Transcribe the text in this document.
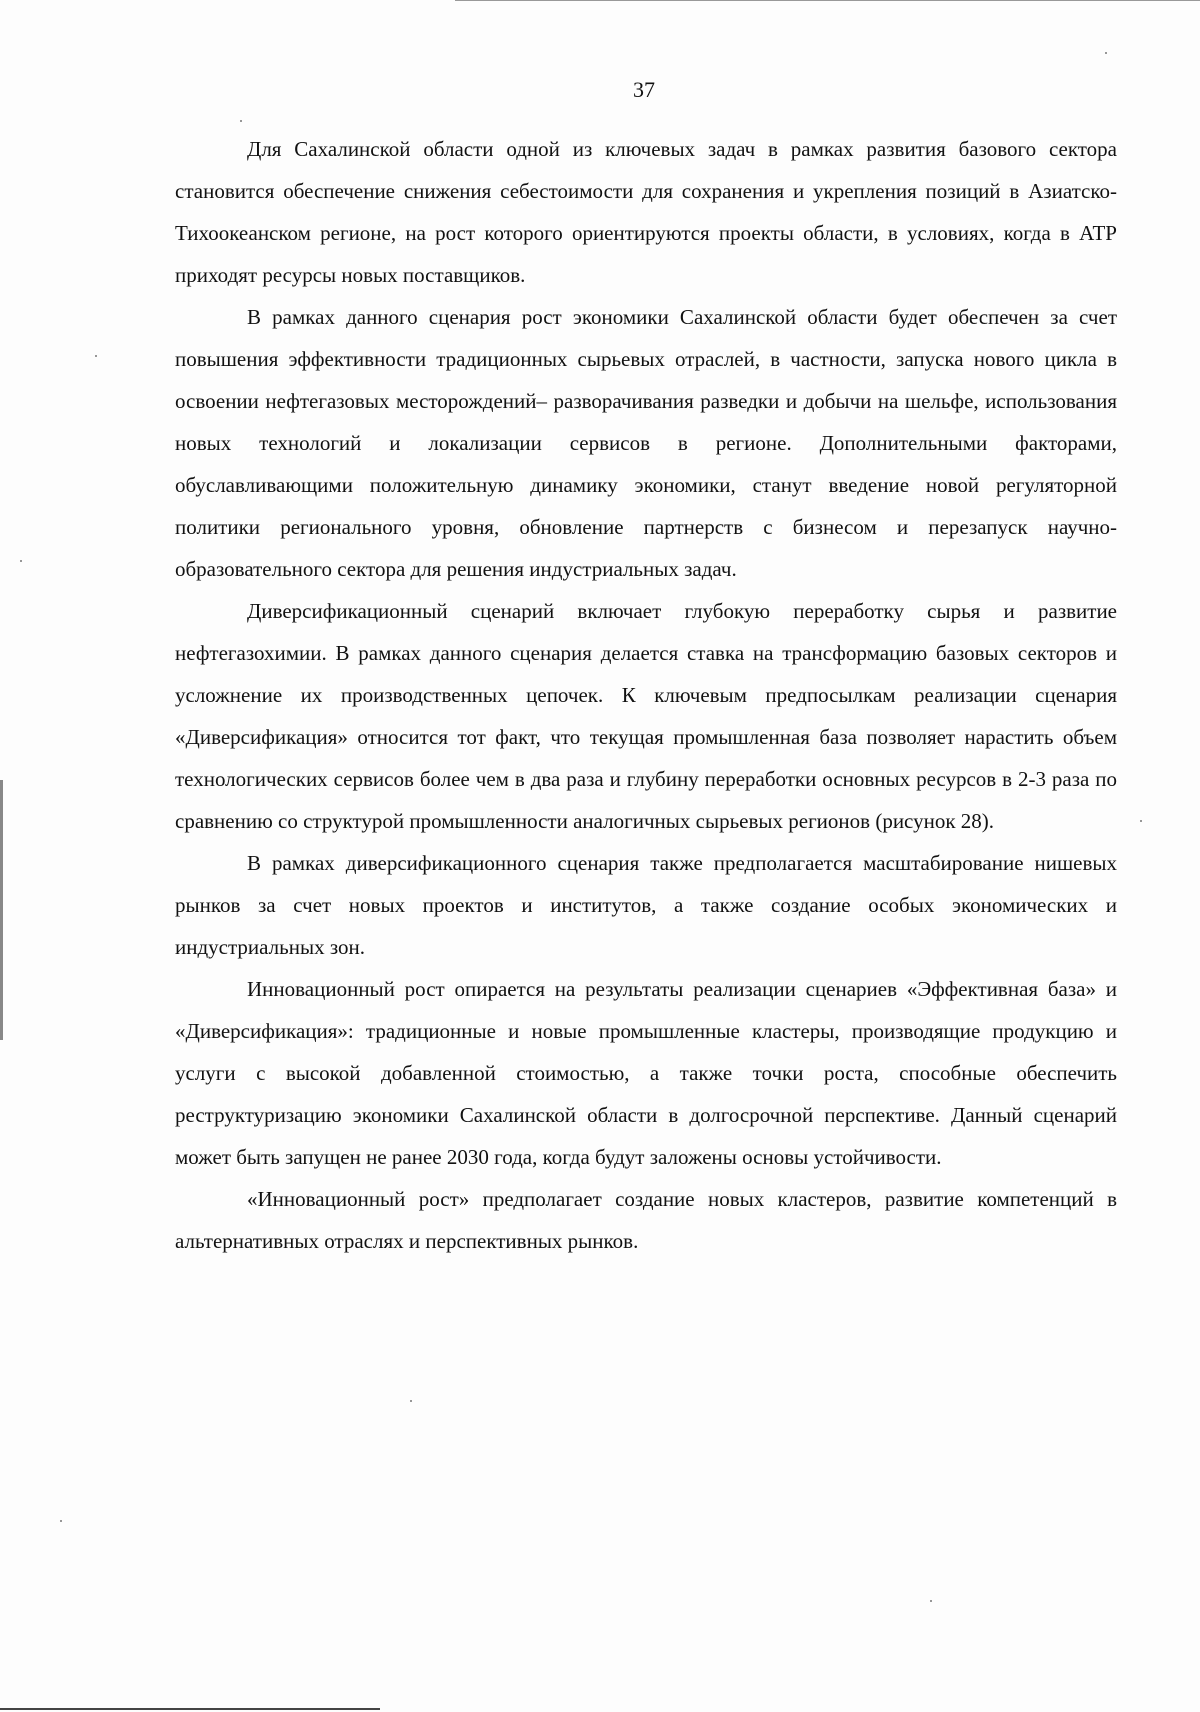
37

Для Сахалинской области одной из ключевых задач в рамках развития базового сектора становится обеспечение снижения себестоимости для сохранения и укрепления позиций в Азиатско-Тихоокеанском регионе, на рост которого ориентируются проекты области, в условиях, когда в АТР приходят ресурсы новых поставщиков.

В рамках данного сценария рост экономики Сахалинской области будет обеспечен за счет повышения эффективности традиционных сырьевых отраслей, в частности, запуска нового цикла в освоении нефтегазовых месторождений– разворачивания разведки и добычи на шельфе, использования новых технологий и локализации сервисов в регионе. Дополнительными факторами, обуславливающими положительную динамику экономики, станут введение новой регуляторной политики регионального уровня, обновление партнерств с бизнесом и перезапуск научно-образовательного сектора для решения индустриальных задач.

Диверсификационный сценарий включает глубокую переработку сырья и развитие нефтегазохимии. В рамках данного сценария делается ставка на трансформацию базовых секторов и усложнение их производственных цепочек. К ключевым предпосылкам реализации сценария «Диверсификация» относится тот факт, что текущая промышленная база позволяет нарастить объем технологических сервисов более чем в два раза и глубину переработки основных ресурсов в 2-3 раза по сравнению со структурой промышленности аналогичных сырьевых регионов (рисунок 28).

В рамках диверсификационного сценария также предполагается масштабирование нишевых рынков за счет новых проектов и институтов, а также создание особых экономических и индустриальных зон.

Инновационный рост опирается на результаты реализации сценариев «Эффективная база» и «Диверсификация»: традиционные и новые промышленные кластеры, производящие продукцию и услуги с высокой добавленной стоимостью, а также точки роста, способные обеспечить реструктуризацию экономики Сахалинской области в долгосрочной перспективе. Данный сценарий может быть запущен не ранее 2030 года, когда будут заложены основы устойчивости.

«Инновационный рост» предполагает создание новых кластеров, развитие компетенций в альтернативных отраслях и перспективных рынков.
